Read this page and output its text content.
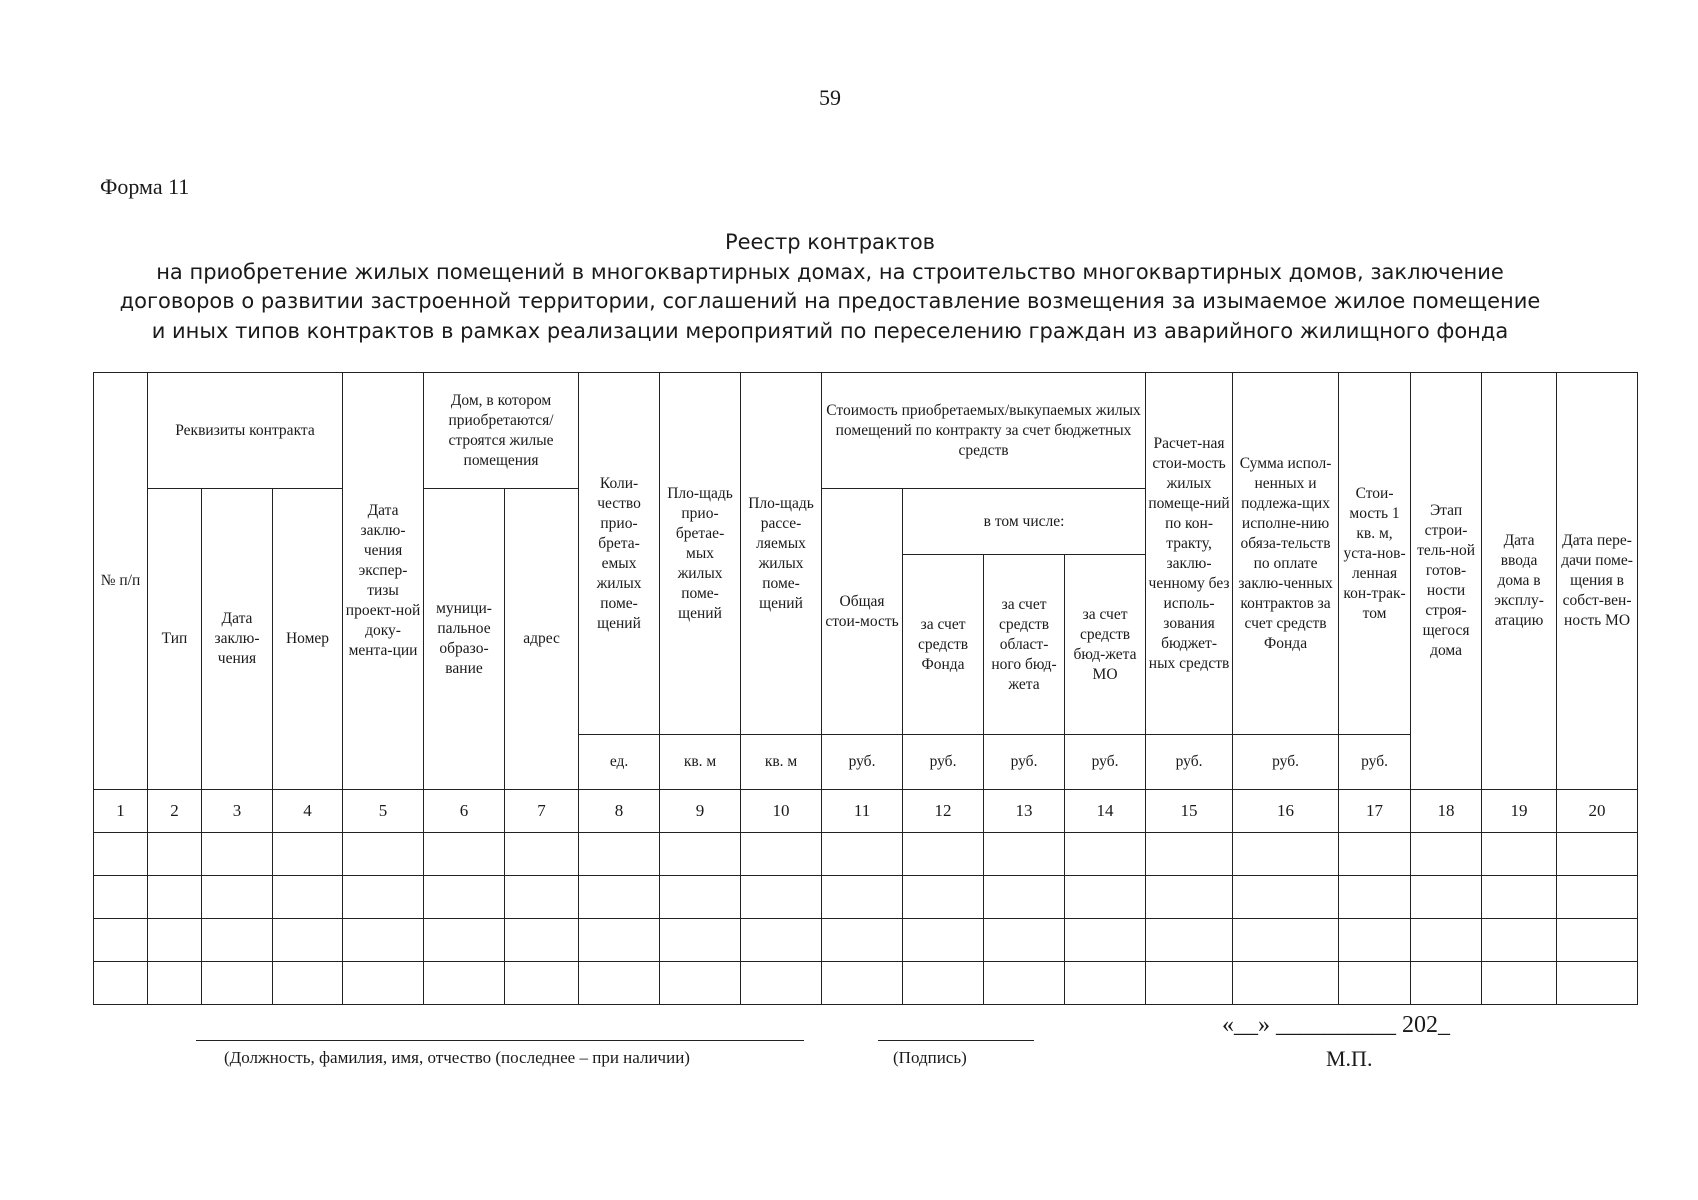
59
Форма 11
Реестр контрактов
на приобретение жилых помещений в многоквартирных домах, на строительство многоквартирных домов, заключение
договоров о развитии застроенной территории, соглашений на предоставление возмещения за изымаемое жилое помещение
и иных типов контрактов в рамках реализации мероприятий по переселению граждан из аварийного жилищного фонда
№ п/п	Реквизиты контракта			Дата заклю-чения экспер-тизы проект-ной доку-мента-ции	Дом, в котором приобретаются/ строятся жилые помещения		Коли-чество прио-брета-емых жилых поме-щений	Пло-щадь прио-бретае-мых жилых поме-щений	Пло-щадь рассе-ляемых жилых поме-щений	Стоимость приобретаемых/выкупаемых жилых помещений по контракту за счет бюджетных средств				Расчет-ная стои-мость жилых помеще-ний по кон-тракту, заклю-ченному без исполь-зования бюджет-ных средств	Сумма испол-ненных и подлежа-щих исполне-нию обяза-тельств по оплате заклю-ченных контрактов за счет средств Фонда	Стои-мость 1 кв. м, уста-нов-ленная кон-трак-том	Этап строи-тель-ной готов-ности строя-щегося дома	Дата ввода дома в эксплу-атацию	Дата пере-дачи поме-щения в собст-вен-ность МО
	Тип	Дата заклю-чения	Номер		муници-пальное образо-вание	адрес				Общая стои-мость	в том числе:								
											за счет средств Фонда	за счет средств област-ного бюд-жета	за счет средств бюд-жета МО						
							ед.	кв. м	кв. м	руб.	руб.	руб.	руб.	руб.	руб.	руб.			
1	2	3	4	5	6	7	8	9	10	11	12	13	14	15	16	17	18	19	20

(Должность, фамилия, имя, отчество (последнее – при наличии)	(Подпись)
«__» __________ 202_
М.П.
